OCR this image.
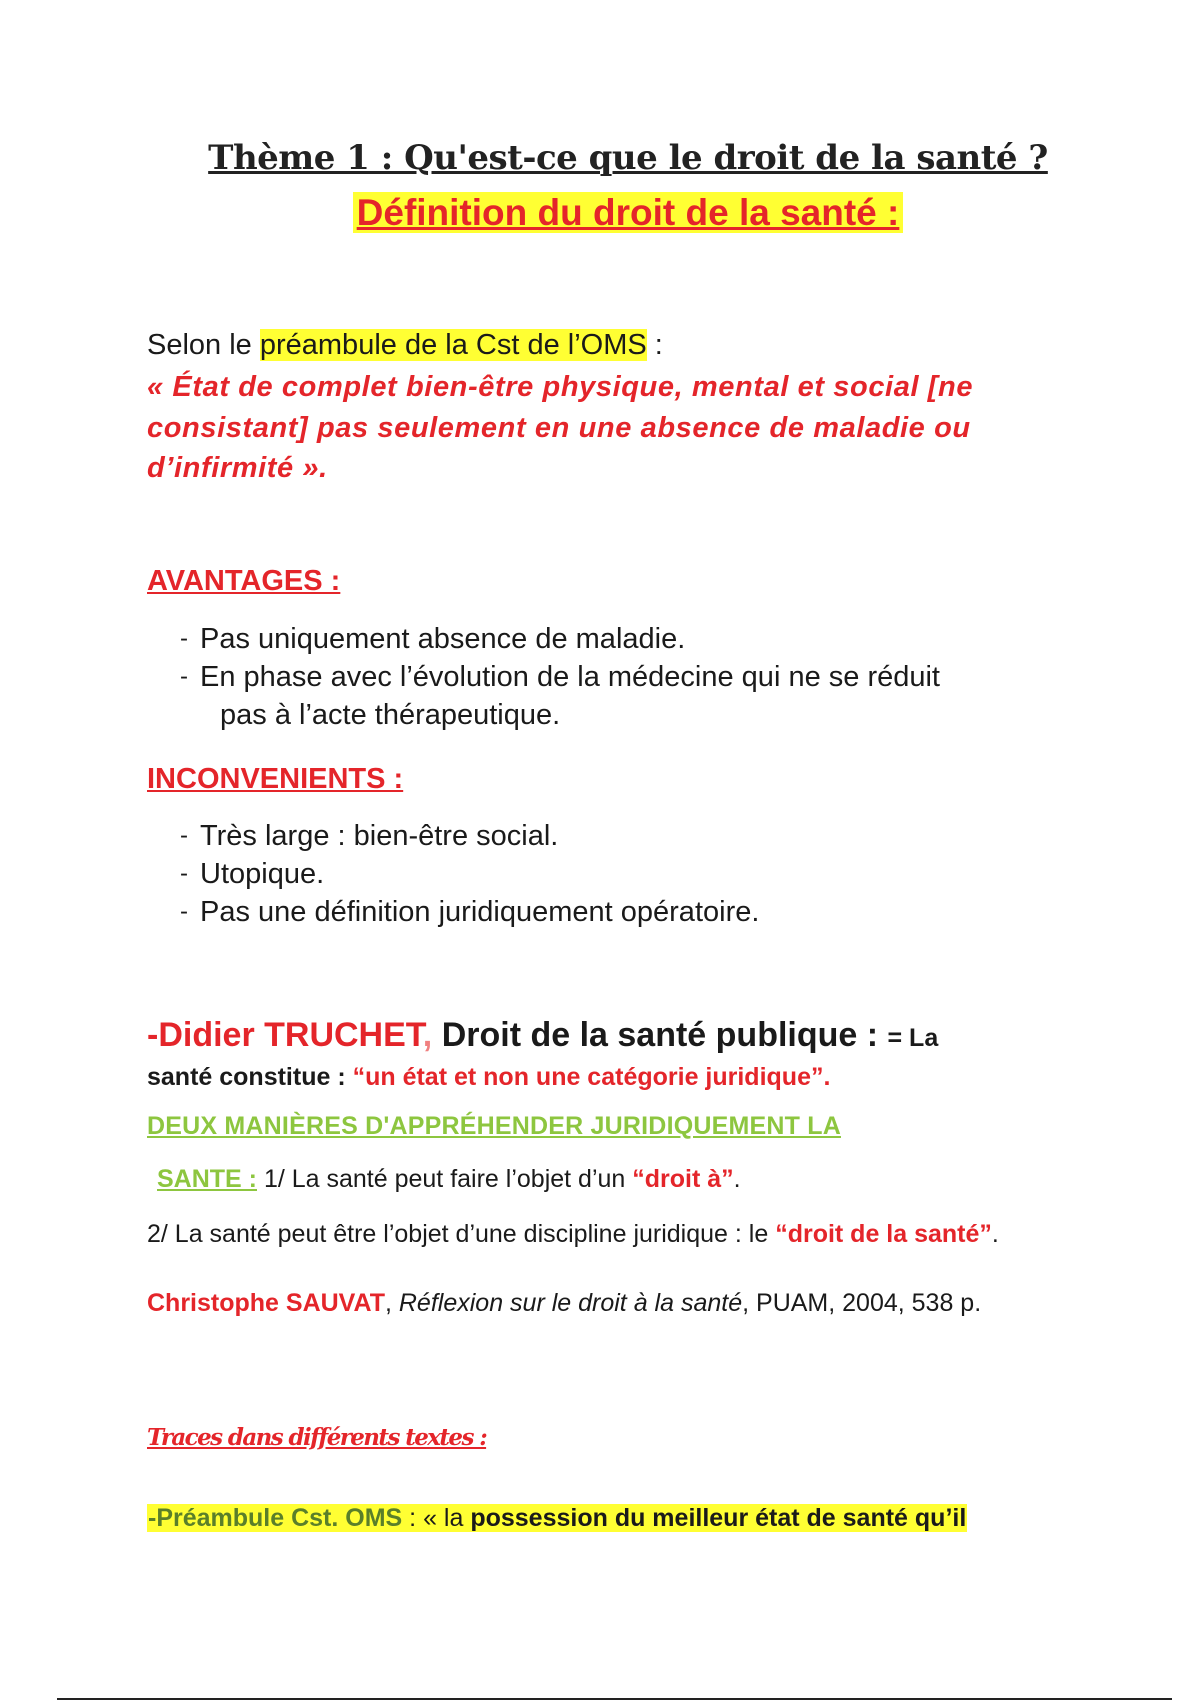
Thème 1 : Qu'est-ce que le droit de la santé ?
Définition du droit de la santé :
Selon le préambule de la Cst de l’OMS :
« État de complet bien-être physique, mental et social [ne consistant] pas seulement en une absence de maladie ou d’infirmité ».
AVANTAGES :
- Pas uniquement absence de maladie.
- En phase avec l’évolution de la médecine qui ne se réduit
pas à l’acte thérapeutique.
INCONVENIENTS :
- Très large : bien-être social.
- Utopique.
- Pas une définition juridiquement opératoire.
-Didier TRUCHET, Droit de la santé publique : = La
santé constitue : “un état et non une catégorie juridique”.
DEUX MANIÈRES D'APPRÉHENDER JURIDIQUEMENT LA
SANTE : 1/ La santé peut faire l’objet d’un “droit à”.
2/ La santé peut être l’objet d’une discipline juridique : le “droit de la santé”.
Christophe SAUVAT, Réflexion sur le droit à la santé, PUAM, 2004, 538 p.
Traces dans différents textes :
-Préambule Cst. OMS : « la possession du meilleur état de santé qu’il
